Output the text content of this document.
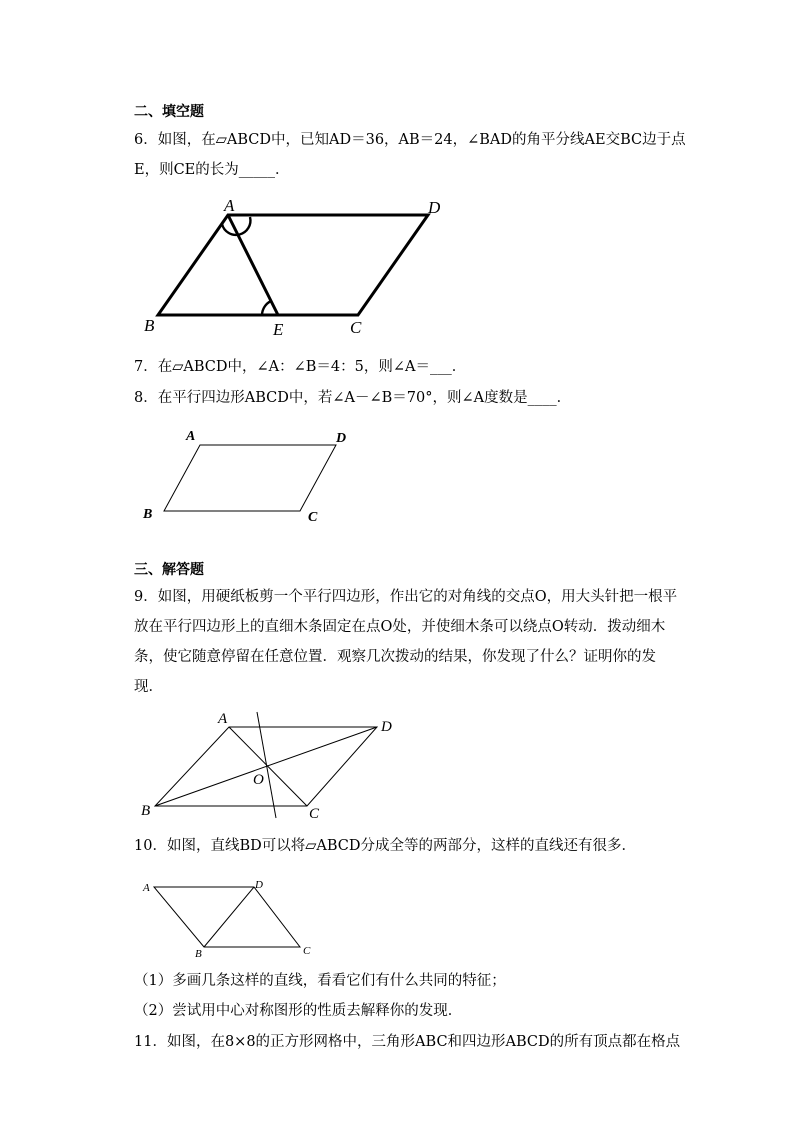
二、填空题
6．如图，在▱ABCD中，已知AD＝36，AB＝24，∠BAD的角平分线AE交BC边于点
E，则CE的长为_____．
A	D
B	E	C
7．在▱ABCD中，∠A：∠B＝4：5，则∠A＝___．
8．在平行四边形ABCD中，若∠A－∠B＝70°，则∠A度数是____．
A	D
B	C
三、解答题
9．如图，用硬纸板剪一个平行四边形，作出它的对角线的交点O，用大头针把一根平
放在平行四边形上的直细木条固定在点O处，并使细木条可以绕点O转动．拨动细木
条，使它随意停留在任意位置．观察几次拨动的结果，你发现了什么？证明你的发
现．
A	D
B	C
O
10．如图，直线BD可以将▱ABCD分成全等的两部分，这样的直线还有很多．
A	D
B	C
（1）多画几条这样的直线，看看它们有什么共同的特征；
（2）尝试用中心对称图形的性质去解释你的发现．
11．如图，在8×8的正方形网格中，三角形ABC和四边形ABCD的所有顶点都在格点
